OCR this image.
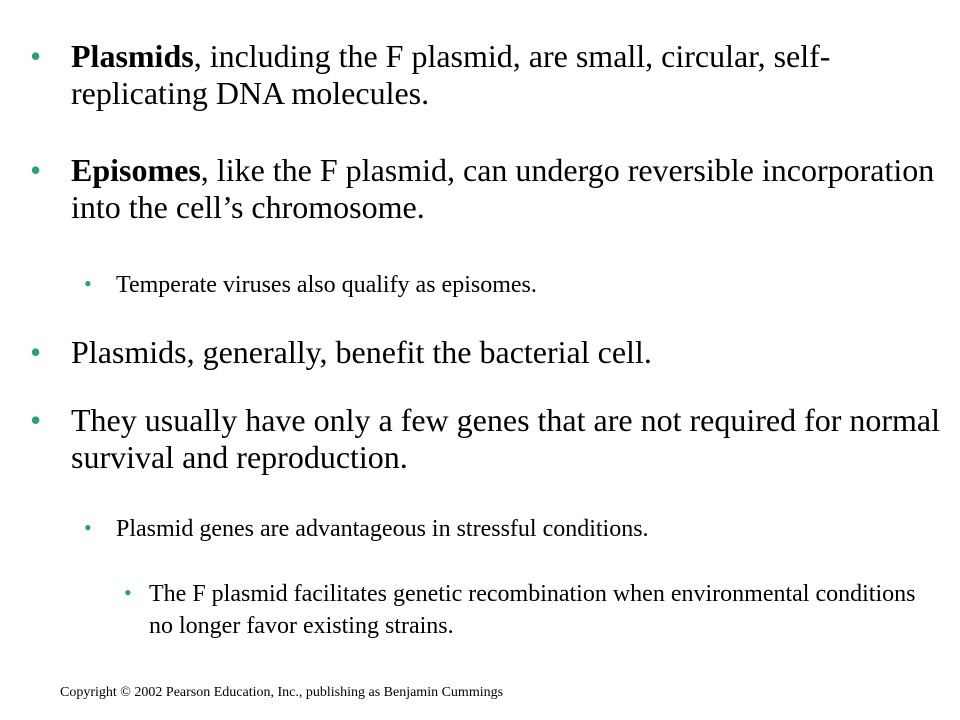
• Plasmids, including the F plasmid, are small, circular, self-replicating DNA molecules.
• Episomes, like the F plasmid, can undergo reversible incorporation into the cell’s chromosome.
• Temperate viruses also qualify as episomes.
• Plasmids, generally, benefit the bacterial cell.
• They usually have only a few genes that are not required for normal survival and reproduction.
• Plasmid genes are advantageous in stressful conditions.
• The F plasmid facilitates genetic recombination when environmental conditions no longer favor existing strains.
Copyright © 2002 Pearson Education, Inc., publishing as Benjamin Cummings
